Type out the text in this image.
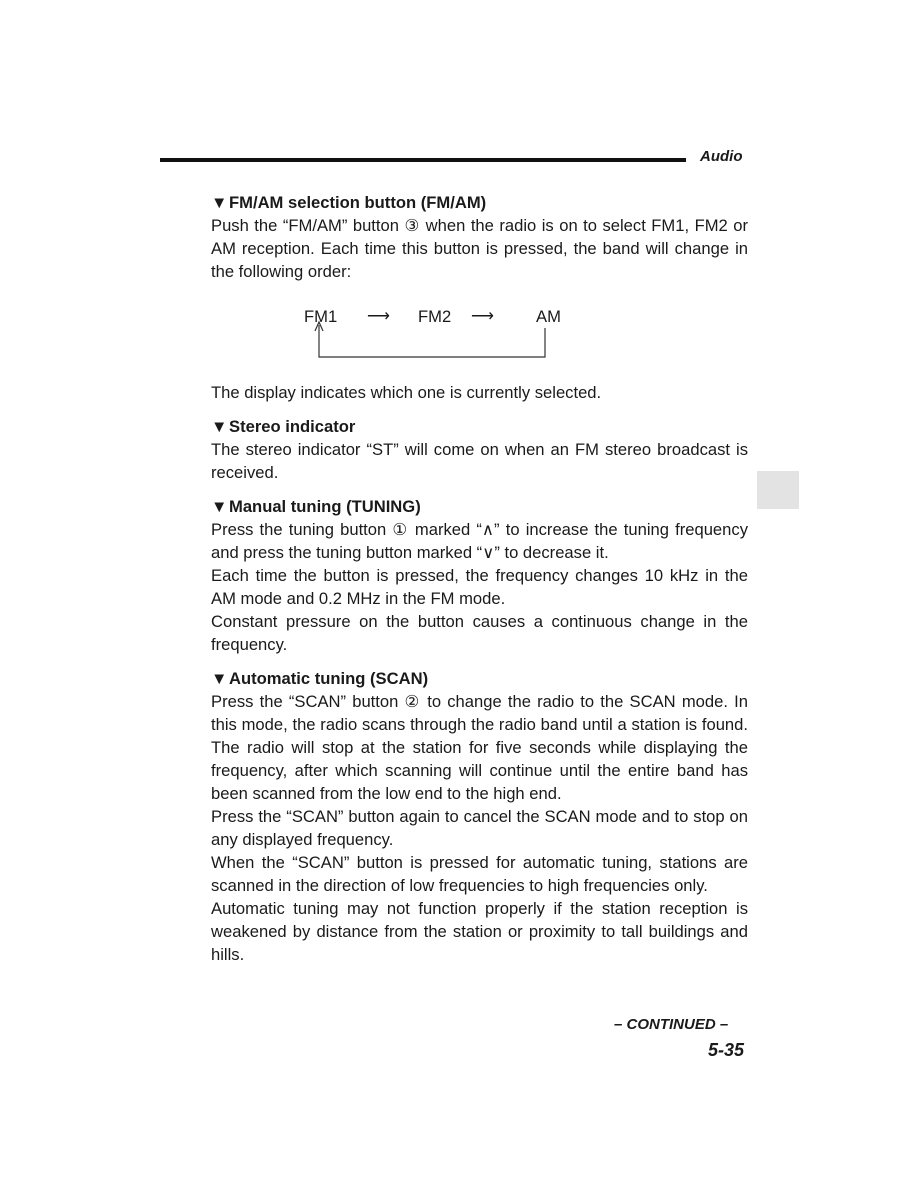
Audio

▼FM/AM selection button (FM/AM)

Push the “FM/AM” button ③ when the radio is on to select FM1, FM2 or AM reception. Each time this button is pressed, the band will change in the following order:

FM1 ⟶ FM2 ⟶	AM

The display indicates which one is currently selected.

▼Stereo indicator

The stereo indicator “ST” will come on when an FM stereo broadcast is received.

▼Manual tuning (TUNING)

Press the tuning button ① marked “∧” to increase the tuning frequency and press the tuning button marked “∨” to decrease it.

Each time the button is pressed, the frequency changes 10 kHz in the AM mode and 0.2 MHz in the FM mode.

Constant pressure on the button causes a continuous change in the frequency.

▼Automatic tuning (SCAN)

Press the “SCAN” button ② to change the radio to the SCAN mode. In this mode, the radio scans through the radio band until a station is found. The radio will stop at the station for five seconds while displaying the frequency, after which scanning will continue until the entire band has been scanned from the low end to the high end.

Press the “SCAN” button again to cancel the SCAN mode and to stop on any displayed frequency.

When the “SCAN” button is pressed for automatic tuning, stations are scanned in the direction of low frequencies to high frequencies only.

Automatic tuning may not function properly if the station reception is weakened by distance from the station or proximity to tall buildings and hills.

– CONTINUED –
5-35
